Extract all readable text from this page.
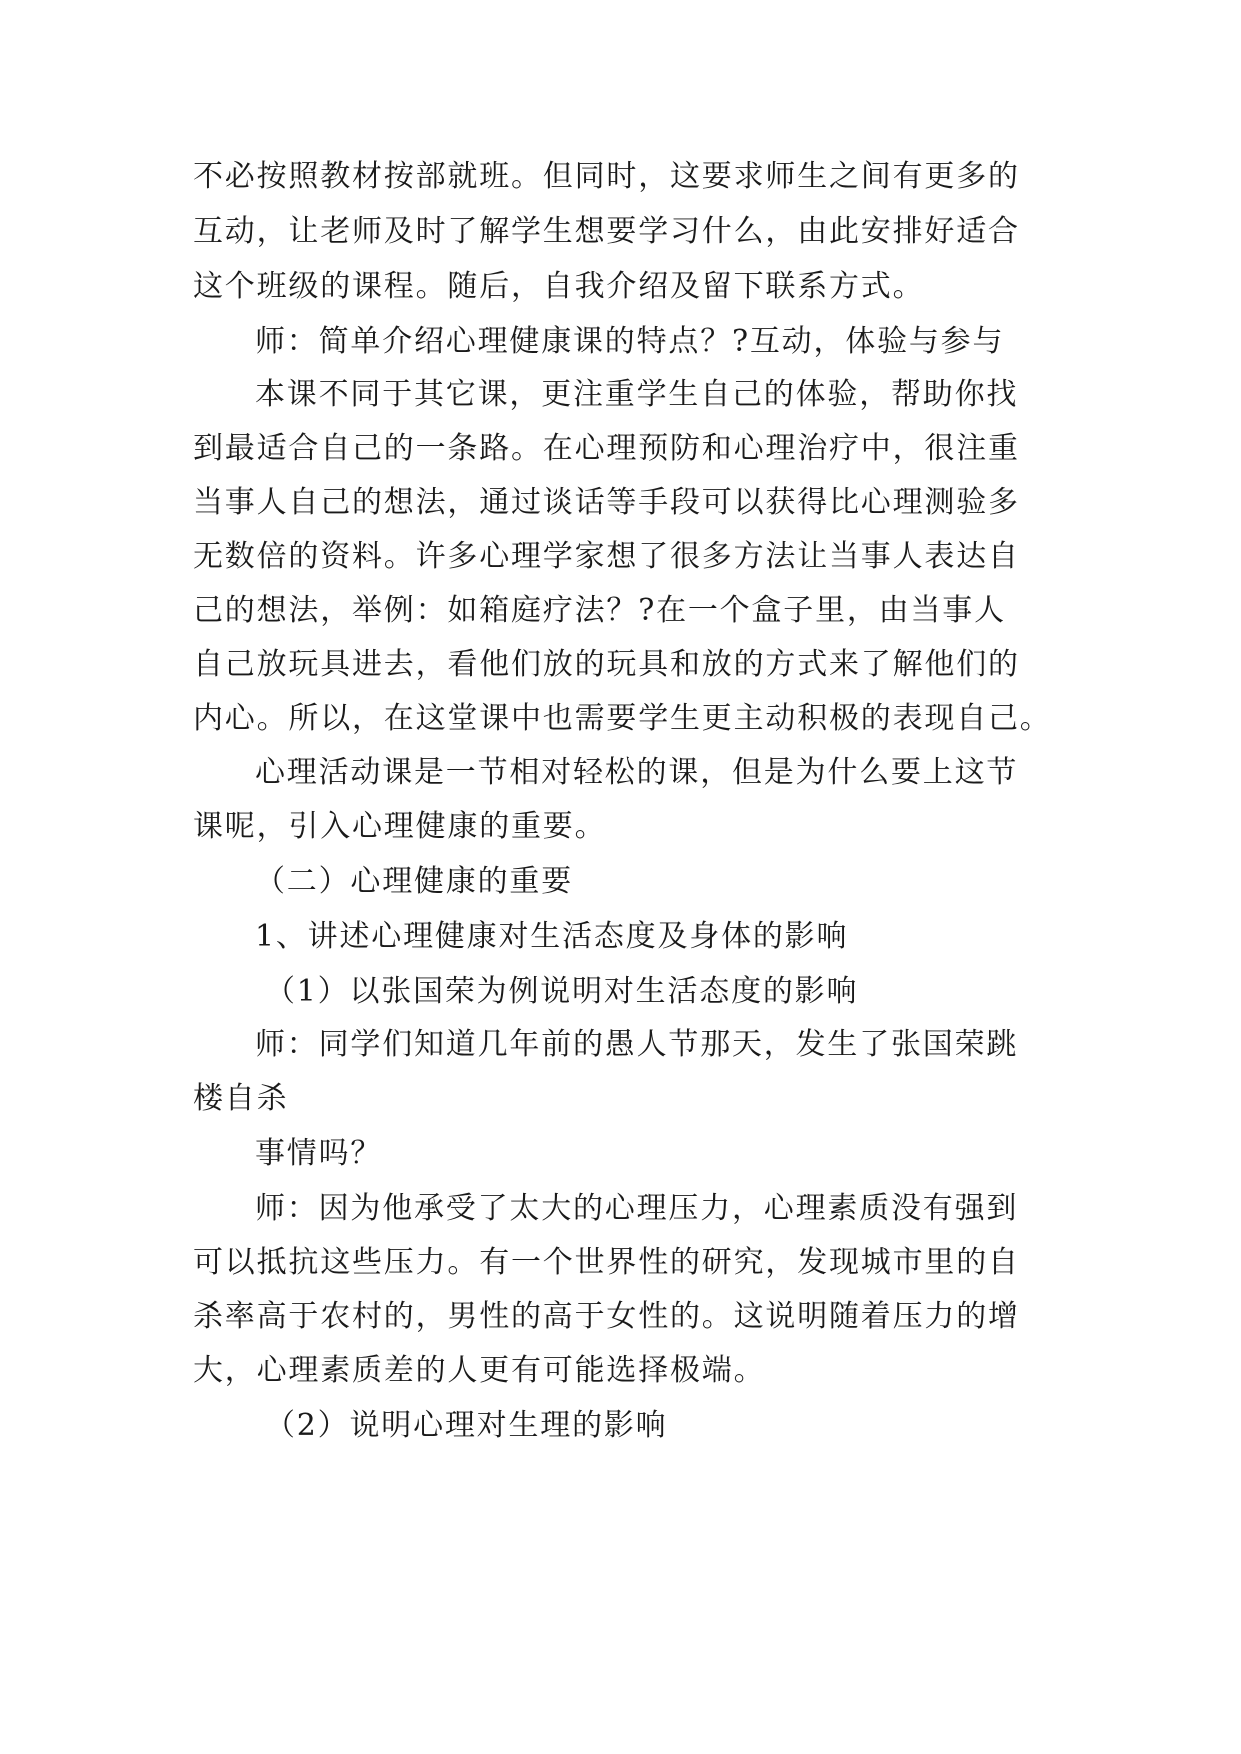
不必按照教材按部就班。但同时，这要求师生之间有更多的
互动，让老师及时了解学生想要学习什么，由此安排好适合
这个班级的课程。随后，自我介绍及留下联系方式。
师：简单介绍心理健康课的特点？?互动，体验与参与
本课不同于其它课，更注重学生自己的体验，帮助你找
到最适合自己的一条路。在心理预防和心理治疗中，很注重
当事人自己的想法，通过谈话等手段可以获得比心理测验多
无数倍的资料。许多心理学家想了很多方法让当事人表达自
己的想法，举例：如箱庭疗法？?在一个盒子里，由当事人
自己放玩具进去，看他们放的玩具和放的方式来了解他们的
内心。所以，在这堂课中也需要学生更主动积极的表现自己。
心理活动课是一节相对轻松的课，但是为什么要上这节
课呢，引入心理健康的重要。
（二）心理健康的重要
1、讲述心理健康对生活态度及身体的影响
（1）以张国荣为例说明对生活态度的影响
师：同学们知道几年前的愚人节那天，发生了张国荣跳
楼自杀
事情吗？
师：因为他承受了太大的心理压力，心理素质没有强到
可以抵抗这些压力。有一个世界性的研究，发现城市里的自
杀率高于农村的，男性的高于女性的。这说明随着压力的增
大，心理素质差的人更有可能选择极端。
（2）说明心理对生理的影响
